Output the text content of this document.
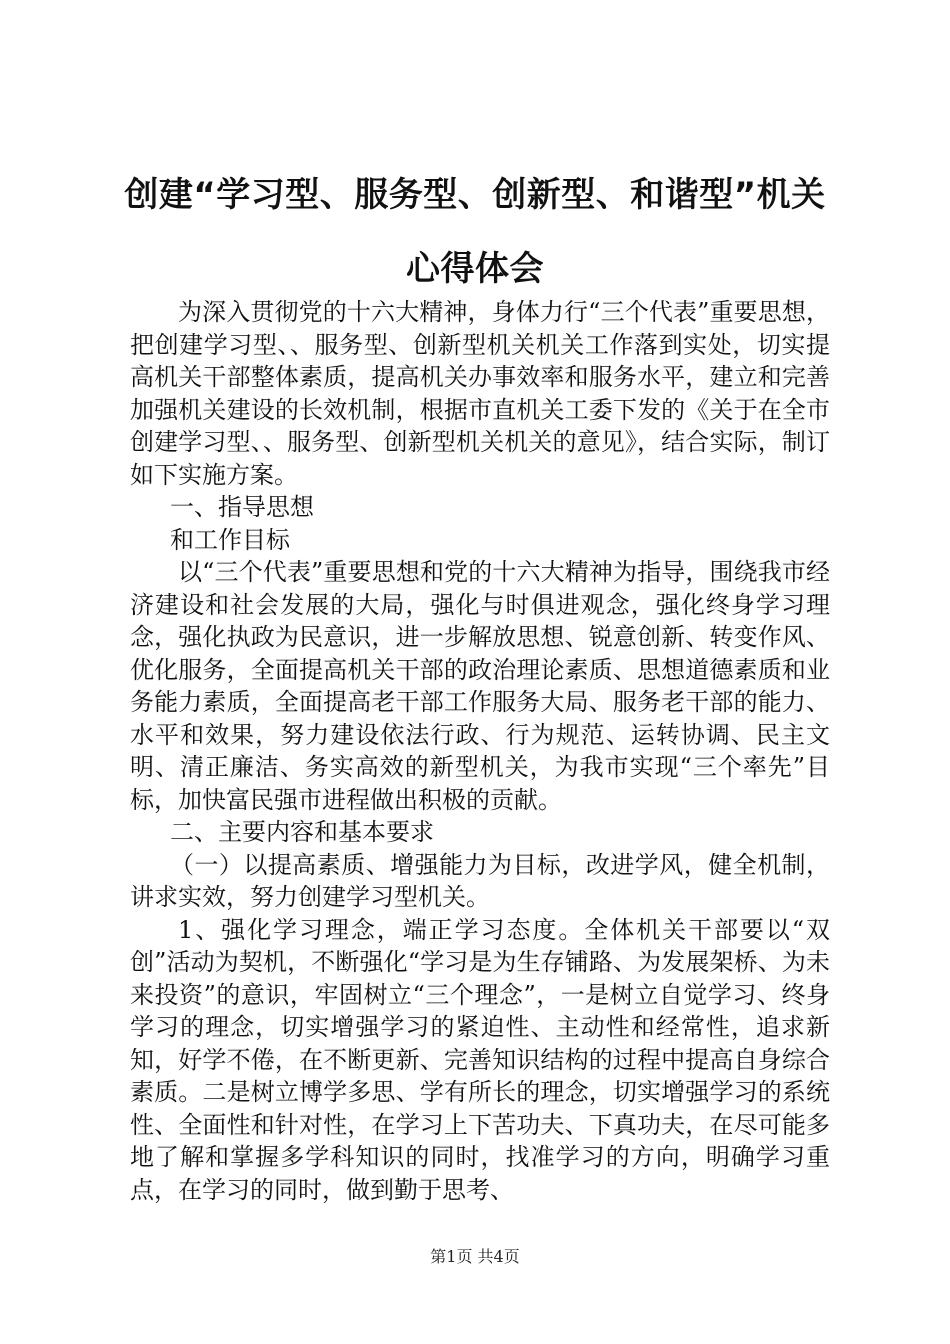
创建“学习型、服务型、创新型、和谐型”机关心得体会

为深入贯彻党的十六大精神，身体力行“三个代表”重要思想，把创建学习型、、服务型、创新型机关机关工作落到实处，切实提高机关干部整体素质，提高机关办事效率和服务水平，建立和完善加强机关建设的长效机制，根据市直机关工委下发的《关于在全市创建学习型、、服务型、创新型机关机关的意见》，结合实际，制订如下实施方案。

一、指导思想

和工作目标

以“三个代表”重要思想和党的十六大精神为指导，围绕我市经济建设和社会发展的大局，强化与时俱进观念，强化终身学习理念，强化执政为民意识，进一步解放思想、锐意创新、转变作风、优化服务，全面提高机关干部的政治理论素质、思想道德素质和业务能力素质，全面提高老干部工作服务大局、服务老干部的能力、水平和效果，努力建设依法行政、行为规范、运转协调、民主文明、清正廉洁、务实高效的新型机关，为我市实现“三个率先”目标，加快富民强市进程做出积极的贡献。

二、主要内容和基本要求

（一）以提高素质、增强能力为目标，改进学风，健全机制，讲求实效，努力创建学习型机关。

1、强化学习理念，端正学习态度。全体机关干部要以“双创”活动为契机，不断强化“学习是为生存铺路、为发展架桥、为未来投资”的意识，牢固树立“三个理念”，一是树立自觉学习、终身学习的理念，切实增强学习的紧迫性、主动性和经常性，追求新知，好学不倦，在不断更新、完善知识结构的过程中提高自身综合素质。二是树立博学多思、学有所长的理念，切实增强学习的系统性、全面性和针对性，在学习上下苦功夫、下真功夫，在尽可能多地了解和掌握多学科知识的同时，找准学习的方向，明确学习重点，在学习的同时，做到勤于思考、

第1页 共4页
